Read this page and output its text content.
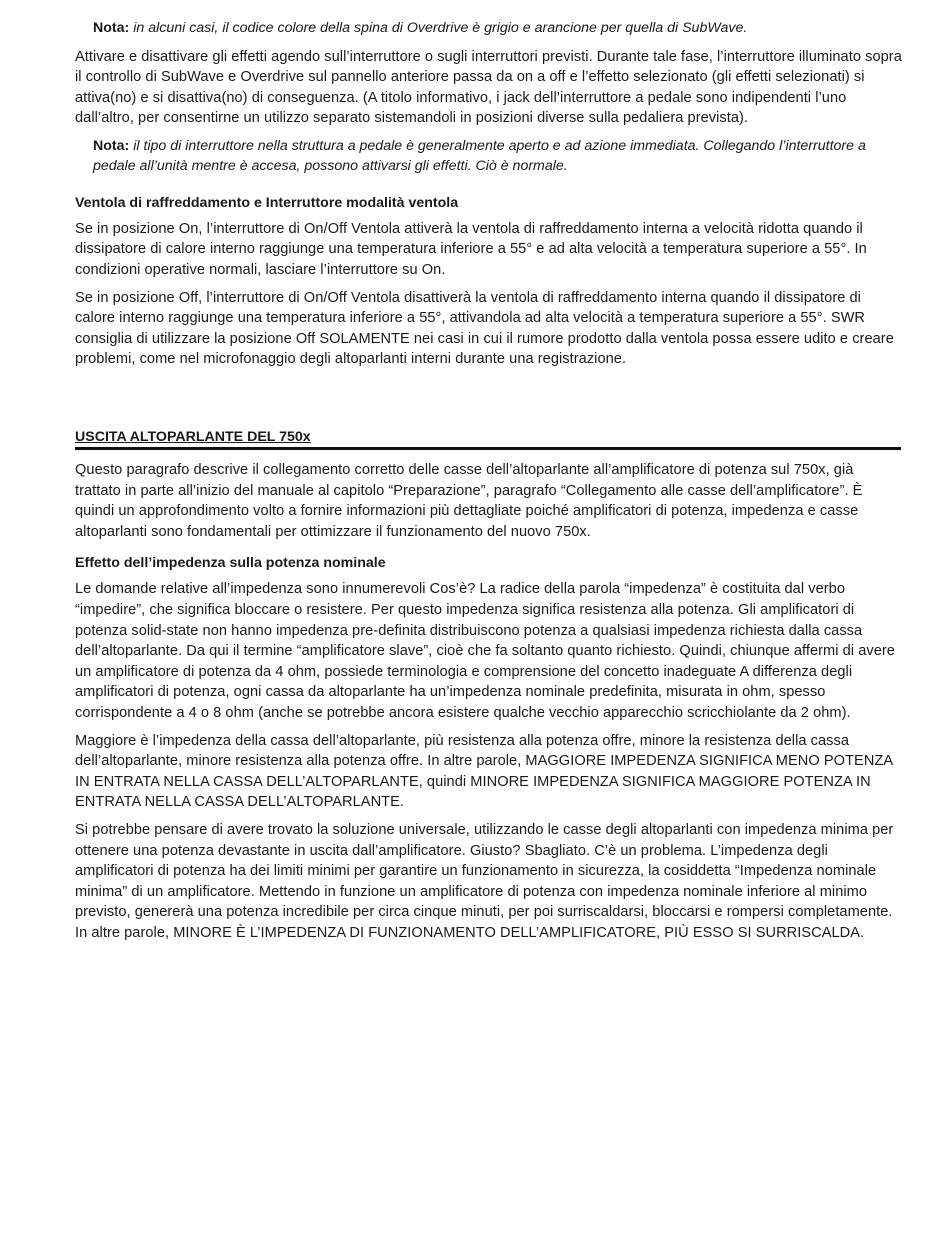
Nota: in alcuni casi, il codice colore della spina di Overdrive è grigio e arancione per quella di SubWave.

Attivare e disattivare gli effetti agendo sull’interruttore o sugli interruttori previsti. Durante tale fase, l’interruttore illuminato sopra il controllo di SubWave e Overdrive sul pannello anteriore passa da on a off e l’effetto selezionato (gli effetti selezionati) si attiva(no) e si disattiva(no) di conseguenza. (A titolo informativo, i jack dell’interruttore a pedale sono indipendenti l’uno dall’altro, per consentirne un utilizzo separato sistemandoli in posizioni diverse sulla pedaliera prevista).

Nota: il tipo di interruttore nella struttura a pedale è generalmente aperto e ad azione immediata. Collegando l’interruttore a pedale all’unità mentre è accesa, possono attivarsi gli effetti. Ciò è normale.
Ventola di raffreddamento e Interruttore modalità ventola

Se in posizione On, l’interruttore di On/Off Ventola attiverà la ventola di raffreddamento interna a velocità ridotta quando il dissipatore di calore interno raggiunge una temperatura inferiore a 55° e ad alta velocità a temperatura superiore a 55°. In condizioni operative normali, lasciare l’interruttore su On.

Se in posizione Off, l’interruttore di On/Off Ventola disattiverà la ventola di raffreddamento interna quando il dissipatore di calore interno raggiunge una temperatura inferiore a 55°, attivandola ad alta velocità a temperatura superiore a 55°. SWR consiglia di utilizzare la posizione Off SOLAMENTE nei casi in cui il rumore prodotto dalla ventola possa essere udito e creare problemi, come nel microfonaggio degli altoparlanti interni durante una registrazione.

USCITA ALTOPARLANTE DEL 750x

Questo paragrafo descrive il collegamento corretto delle casse dell’altoparlante all’amplificatore di potenza sul 750x, già trattato in parte all’inizio del manuale al capitolo “Preparazione”, paragrafo “Collegamento alle casse dell’amplificatore”. È quindi un approfondimento volto a fornire informazioni più dettagliate poiché amplificatori di potenza, impedenza e casse altoparlanti sono fondamentali per ottimizzare il funzionamento del nuovo 750x.

Effetto dell’impedenza sulla potenza nominale

Le domande relative all’impedenza sono innumerevoli Cos’è? La radice della parola “impedenza” è costituita dal verbo “impedire”, che significa bloccare o resistere. Per questo impedenza significa resistenza alla potenza. Gli amplificatori di potenza solid-state non hanno impedenza pre-definita distribuiscono potenza a qualsiasi impedenza richiesta dalla cassa dell’altoparlante. Da qui il termine “amplificatore slave”, cioè che fa soltanto quanto richiesto. Quindi, chiunque affermi di avere un amplificatore di potenza da 4 ohm, possiede terminologia e comprensione del concetto inadeguate A differenza degli amplificatori di potenza, ogni cassa da altoparlante ha un’impedenza nominale predefinita, misurata in ohm, spesso corrispondente a 4 o 8 ohm (anche se potrebbe ancora esistere qualche vecchio apparecchio scricchiolante da 2 ohm).

Maggiore è l’impedenza della cassa dell’altoparlante, più resistenza alla potenza offre, minore la resistenza della cassa dell’altoparlante, minore resistenza alla potenza offre. In altre parole, MAGGIORE IMPEDENZA SIGNIFICA MENO POTENZA IN ENTRATA NELLA CASSA DELL’ALTOPARLANTE, quindi MINORE IMPEDENZA SIGNIFICA MAGGIORE POTENZA IN ENTRATA NELLA CASSA DELL’ALTOPARLANTE.

Si potrebbe pensare di avere trovato la soluzione universale, utilizzando le casse degli altoparlanti con impedenza minima per ottenere una potenza devastante in uscita dall’amplificatore. Giusto? Sbagliato. C’è un problema. L’impedenza degli amplificatori di potenza ha dei limiti minimi per garantire un funzionamento in sicurezza, la cosiddetta “Impedenza nominale minima” di un amplificatore. Mettendo in funzione un amplificatore di potenza con impedenza nominale inferiore al minimo previsto, genererà una potenza incredibile per circa cinque minuti, per poi surriscaldarsi, bloccarsi e rompersi completamente. In altre parole, MINORE È L’IMPEDENZA DI FUNZIONAMENTO DELL’AMPLIFICATORE, PIÙ ESSO SI SURRISCALDA.
